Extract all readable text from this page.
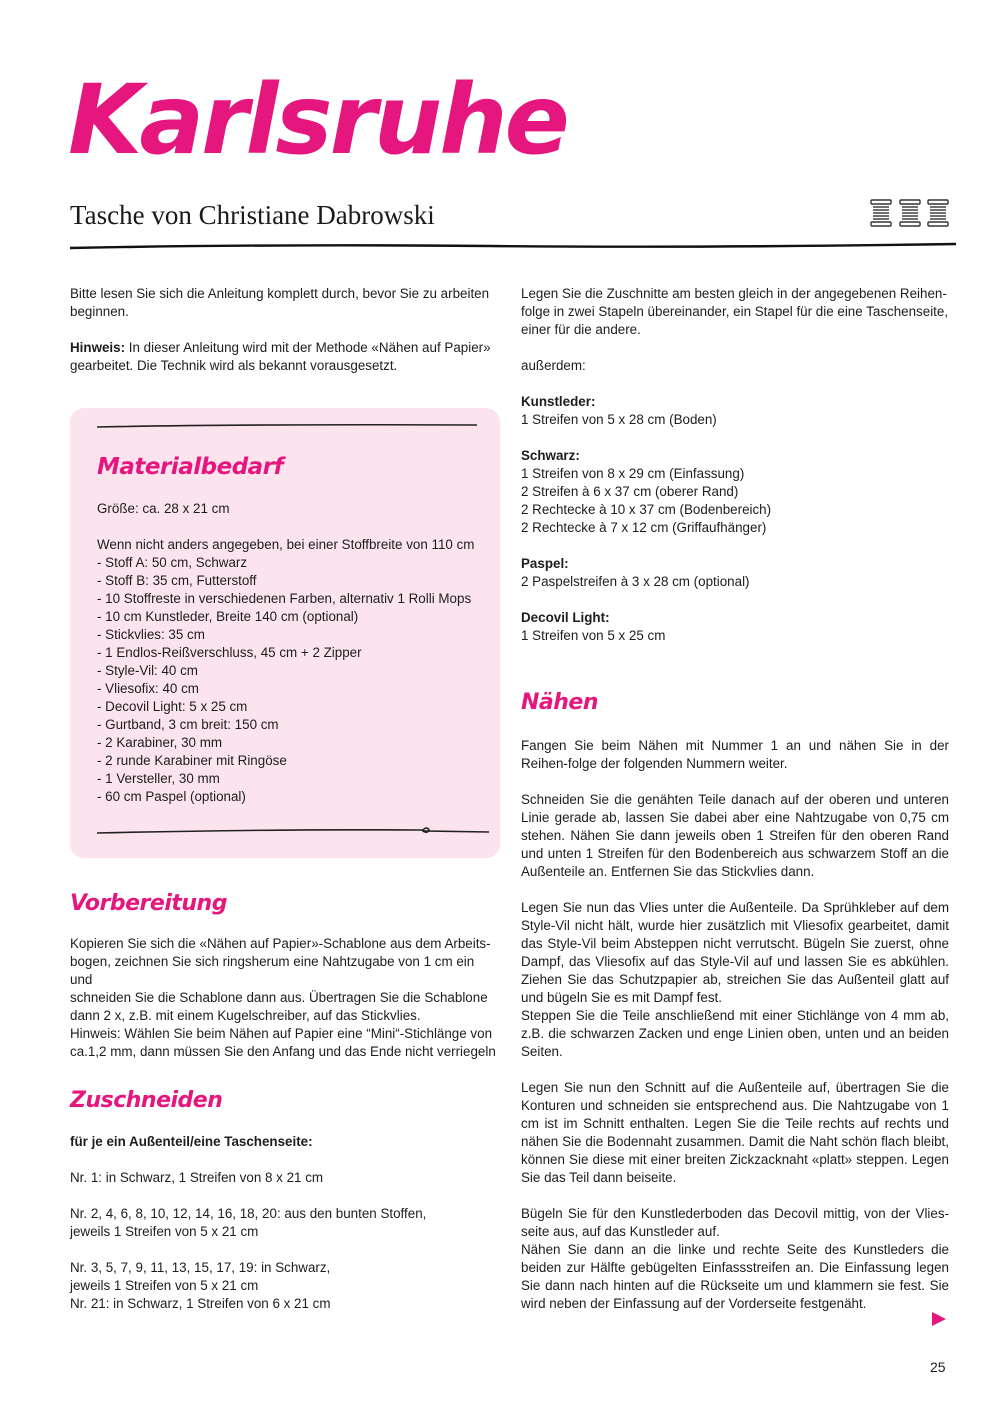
Karlsruhe
Tasche von Christiane Dabrowski

Bitte lesen Sie sich die Anleitung komplett durch, bevor Sie zu arbeiten beginnen.

Hinweis: In dieser Anleitung wird mit der Methode «Nähen auf Papier» gearbeitet. Die Technik wird als bekannt vorausgesetzt.

Materialbedarf

Größe: ca. 28 x 21 cm

Wenn nicht anders angegeben, bei einer Stoffbreite von 110 cm

- Stoff A: 50 cm, Schwarz

- Stoff B: 35 cm, Futterstoff

- 10 Stoffreste in verschiedenen Farben, alternativ 1 Rolli Mops

- 10 cm Kunstleder, Breite 140 cm (optional)

- Stickvlies: 35 cm

- 1 Endlos-Reißverschluss, 45 cm + 2 Zipper

- Style-Vil: 40 cm

- Vliesofix: 40 cm

- Decovil Light: 5 x 25 cm

- Gurtband, 3 cm breit: 150 cm

- 2 Karabiner, 30 mm

- 2 runde Karabiner mit Ringöse

- 1 Versteller, 30 mm

- 60 cm Paspel (optional)

Vorbereitung

Kopieren Sie sich die «Nähen auf Papier»-Schablone aus dem Arbeits-

bogen, zeichnen Sie sich ringsherum eine Nahtzugabe von 1 cm ein und

schneiden Sie die Schablone dann aus. Übertragen Sie die Schablone

dann 2 x, z.B. mit einem Kugelschreiber, auf das Stickvlies.

Hinweis: Wählen Sie beim Nähen auf Papier eine “Mini“-Stichlänge von

ca.1,2 mm, dann müssen Sie den Anfang und das Ende nicht verriegeln

Zuschneiden

für je ein Außenteil/eine Taschenseite:

Nr. 1: in Schwarz, 1 Streifen von 8 x 21 cm

Nr. 2, 4, 6, 8, 10, 12, 14, 16, 18, 20: aus den bunten Stoffen,

jeweils 1 Streifen von 5 x 21 cm

Nr. 3, 5, 7, 9, 11, 13, 15, 17, 19: in Schwarz,

jeweils 1 Streifen von 5 x 21 cm

Nr. 21: in Schwarz, 1 Streifen von 6 x 21 cm

Legen Sie die Zuschnitte am besten gleich in der angegebenen Reihen-folge in zwei Stapeln übereinander, ein Stapel für die eine Taschenseite, einer für die andere.

außerdem:

Kunstleder:

1 Streifen von 5 x 28 cm (Boden)

Schwarz:

1 Streifen von 8 x 29 cm (Einfassung)

2 Streifen à 6 x 37 cm (oberer Rand)

2 Rechtecke à 10 x 37 cm (Bodenbereich)

2 Rechtecke à 7 x 12 cm (Griffaufhänger)

Paspel:

2 Paspelstreifen à 3 x 28 cm (optional)

Decovil Light:

1 Streifen von 5 x 25 cm

Nähen

Fangen Sie beim Nähen mit Nummer 1 an und nähen Sie in der Reihen-folge der folgenden Nummern weiter.

Schneiden Sie die genähten Teile danach auf der oberen und unteren Linie gerade ab, lassen Sie dabei aber eine Nahtzugabe von 0,75 cm stehen. Nähen Sie dann jeweils oben 1 Streifen für den oberen Rand und unten 1 Streifen für den Bodenbereich aus schwarzem Stoff an die Außenteile an. Entfernen Sie das Stickvlies dann.

Legen Sie nun das Vlies unter die Außenteile. Da Sprühkleber auf dem Style-Vil nicht hält, wurde hier zusätzlich mit Vliesofix gearbeitet, damit das Style-Vil beim Absteppen nicht verrutscht. Bügeln Sie zuerst, ohne Dampf, das Vliesofix auf das Style-Vil auf und lassen Sie es abkühlen. Ziehen Sie das Schutzpapier ab, streichen Sie das Außenteil glatt auf und bügeln Sie es mit Dampf fest.

Steppen Sie die Teile anschließend mit einer Stichlänge von 4 mm ab, z.B. die schwarzen Zacken und enge Linien oben, unten und an beiden Seiten.

Legen Sie nun den Schnitt auf die Außenteile auf, übertragen Sie die Konturen und schneiden sie entsprechend aus. Die Nahtzugabe von 1 cm ist im Schnitt enthalten. Legen Sie die Teile rechts auf rechts und nähen Sie die Bodennaht zusammen. Damit die Naht schön flach bleibt, können Sie diese mit einer breiten Zickzacknaht «platt» steppen. Legen Sie das Teil dann beiseite.

Bügeln Sie für den Kunstlederboden das Decovil mittig, von der Vlies-seite aus, auf das Kunstleder auf.

Nähen Sie dann an die linke und rechte Seite des Kunstleders die beiden zur Hälfte gebügelten Einfassstreifen an. Die Einfassung legen Sie dann nach hinten auf die Rückseite um und klammern sie fest. Sie wird neben der Einfassung auf der Vorderseite festgenäht.

25
